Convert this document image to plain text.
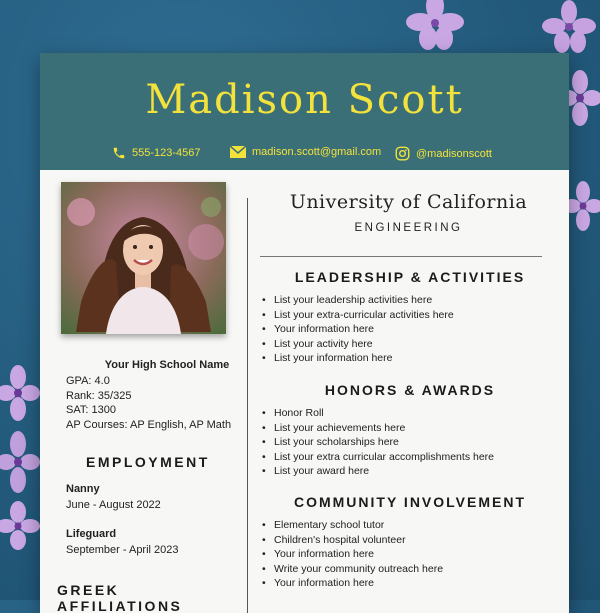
Madison Scott
555-123-4567	madison.scott@gmail.com	@madisonscott
Your High School Name
GPA: 4.0
Rank: 35/325
SAT: 1300
AP Courses: AP English, AP Math
EMPLOYMENT
Nanny
June - August 2022
Lifeguard
September - April 2023
GREEK AFFILIATIONS
University of California
ENGINEERING
LEADERSHIP & ACTIVITIES
• List your leadership activities here
• List your extra-curricular activities here
• Your information here
• List your activity here
• List your information here
HONORS & AWARDS
• Honor Roll
• List your achievements here
• List your scholarships here
• List your extra curricular accomplishments here
• List your award here
COMMUNITY INVOLVEMENT
• Elementary school tutor
• Children's hospital volunteer
• Your information here
• Write your community outreach here
• Your information here
